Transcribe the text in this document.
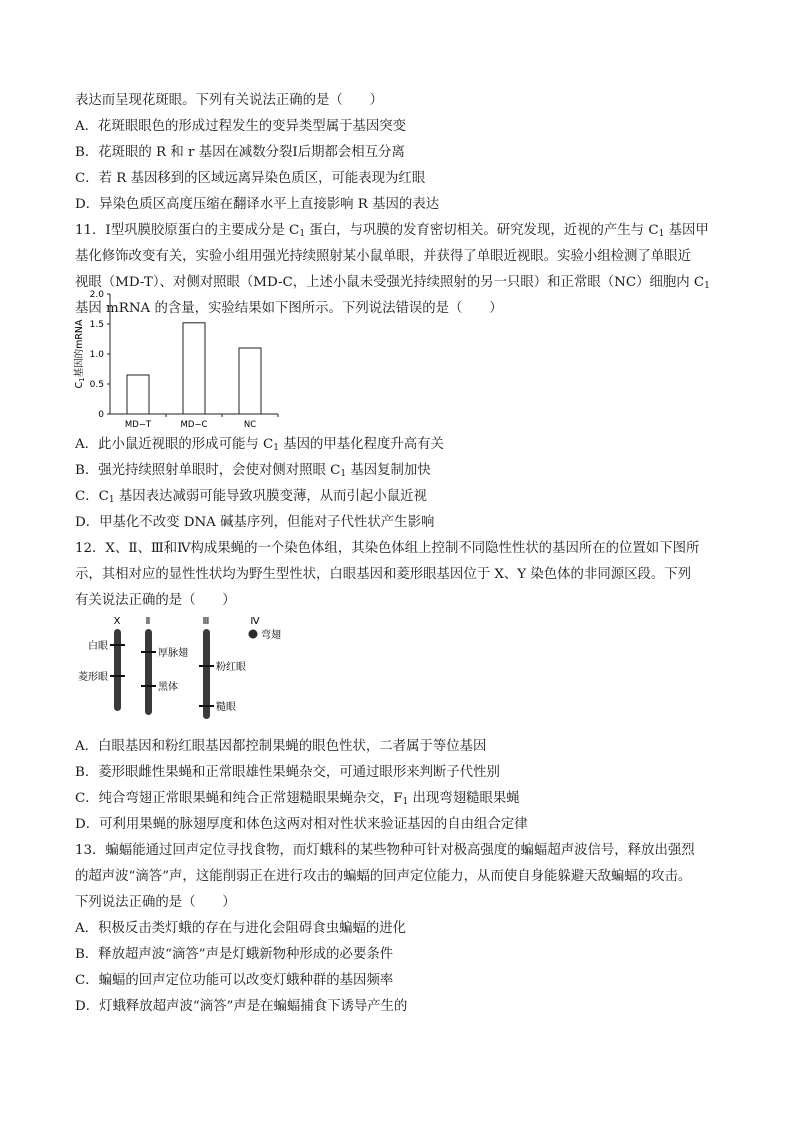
表达而呈现花斑眼。下列有关说法正确的是（　　）
A．花斑眼眼色的形成过程发生的变异类型属于基因突变
B．花斑眼的 R 和 r 基因在减数分裂Ⅰ后期都会相互分离
C．若 R 基因移到的区域远离异染色质区，可能表现为红眼
D．异染色质区高度压缩在翻译水平上直接影响 R 基因的表达
11．Ⅰ型巩膜胶原蛋白的主要成分是 $C_1$ 蛋白，与巩膜的发育密切相关。研究发现，近视的产生与 $C_1$ 基因甲
基化修饰改变有关，实验小组用强光持续照射某小鼠单眼，并获得了单眼近视眼。实验小组检测了单眼近
视眼（MD-T）、对侧对照眼（MD-C，上述小鼠未受强光持续照射的另一只眼）和正常眼（NC）细胞内 $C_1$
基因 mRNA 的含量，实验结果如下图所示。下列说法错误的是（　　）
0
0.5
1.0
1.5
2.0
MD−T	MD−C	NC
$C_1$基因的mRNA
A．此小鼠近视眼的形成可能与 $C_1$ 基因的甲基化程度升高有关
B．强光持续照射单眼时，会使对侧对照眼 $C_1$ 基因复制加快
C．$C_1$ 基因表达减弱可能导致巩膜变薄，从而引起小鼠近视
D．甲基化不改变 DNA 碱基序列，但能对子代性状产生影响
12．X、Ⅱ、Ⅲ和Ⅳ构成果蝇的一个染色体组，其染色体组上控制不同隐性性状的基因所在的位置如下图所
示，其相对应的显性性状均为野生型性状，白眼基因和菱形眼基因位于 X、Y 染色体的非同源区段。下列
有关说法正确的是（　　）
X	Ⅱ	Ⅲ	Ⅳ
白眼
菱形眼
厚脉翅
黑体
粉红眼
糙眼
弯翅
A．白眼基因和粉红眼基因都控制果蝇的眼色性状，二者属于等位基因
B．菱形眼雌性果蝇和正常眼雄性果蝇杂交，可通过眼形来判断子代性别
C．纯合弯翅正常眼果蝇和纯合正常翅糙眼果蝇杂交，$F_1$ 出现弯翅糙眼果蝇
D．可利用果蝇的脉翅厚度和体色这两对相对性状来验证基因的自由组合定律
13．蝙蝠能通过回声定位寻找食物，而灯蛾科的某些物种可针对极高强度的蝙蝠超声波信号，释放出强烈
的超声波“滴答”声，这能削弱正在进行攻击的蝙蝠的回声定位能力，从而使自身能躲避天敌蝙蝠的攻击。
下列说法正确的是（　　）
A．积极反击类灯蛾的存在与进化会阻碍食虫蝙蝠的进化
B．释放超声波“滴答”声是灯蛾新物种形成的必要条件
C．蝙蝠的回声定位功能可以改变灯蛾种群的基因频率
D．灯蛾释放超声波“滴答”声是在蝙蝠捕食下诱导产生的
